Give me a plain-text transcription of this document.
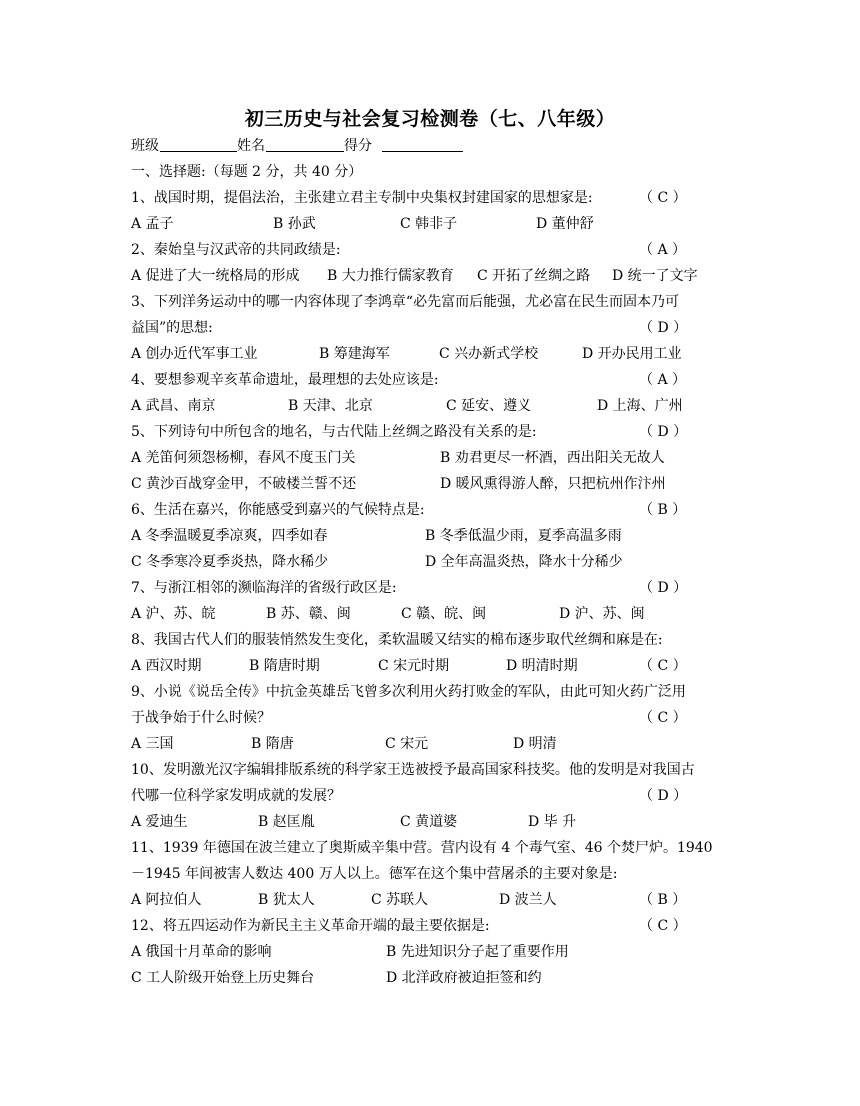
初三历史与社会复习检测卷（七、八年级）
班级	姓名	得分
一、选择题:（每题 2 分，共 40 分）
1、战国时期，提倡法治，主张建立君主专制中央集权封建国家的思想家是:	（ C ）
A 孟子	B 孙武	C 韩非子	D 董仲舒
2、秦始皇与汉武帝的共同政绩是:	（ A ）
A 促进了大一统格局的形成 B 大力推行儒家教育 C 开拓了丝绸之路 D 统一了文字
3、下列洋务运动中的哪一内容体现了李鸿章“必先富而后能强，尤必富在民生而固本乃可
益国”的思想:	（ D ）
A 创办近代军事工业	B 筹建海军	C 兴办新式学校	D 开办民用工业
4、要想参观辛亥革命遗址，最理想的去处应该是:	（ A ）
A 武昌、南京	B 天津、北京	C 延安、遵义	D 上海、广州
5、下列诗句中所包含的地名，与古代陆上丝绸之路没有关系的是:	（ D ）
A 羌笛何须怨杨柳，春风不度玉门关	B 劝君更尽一杯酒，西出阳关无故人
C 黄沙百战穿金甲，不破楼兰誓不还	D 暖风熏得游人醉，只把杭州作汴州
6、生活在嘉兴，你能感受到嘉兴的气候特点是:	（ B ）
A 冬季温暖夏季凉爽，四季如春	B 冬季低温少雨，夏季高温多雨
C 冬季寒冷夏季炎热，降水稀少	D 全年高温炎热，降水十分稀少
7、与浙江相邻的濒临海洋的省级行政区是:	（ D ）
A 沪、苏、皖	B 苏、赣、闽	C 赣、皖、闽	D 沪、苏、闽
8、我国古代人们的服装悄然发生变化，柔软温暖又结实的棉布逐步取代丝绸和麻是在:
A 西汉时期	B 隋唐时期	C 宋元时期	D 明清时期	（ C ）
9、小说《说岳全传》中抗金英雄岳飞曾多次利用火药打败金的军队，由此可知火药广泛用
于战争始于什么时候？	（ C ）
A 三国	B 隋唐	C 宋元	D 明清
10、发明激光汉字编辑排版系统的科学家王选被授予最高国家科技奖。他的发明是对我国古
代哪一位科学家发明成就的发展？	（ D ）
A 爱迪生	B 赵匡胤	C 黄道婆	D 毕 升
11、1939 年德国在波兰建立了奥斯威辛集中营。营内设有 4 个毒气室、46 个焚尸炉。1940
－1945 年间被害人数达 400 万人以上。德军在这个集中营屠杀的主要对象是:
A 阿拉伯人	B 犹太人	C 苏联人	D 波兰人	（ B ）
12、将五四运动作为新民主主义革命开端的最主要依据是:	（ C ）
A 俄国十月革命的影响	B 先进知识分子起了重要作用
C 工人阶级开始登上历史舞台	D 北洋政府被迫拒签和约
